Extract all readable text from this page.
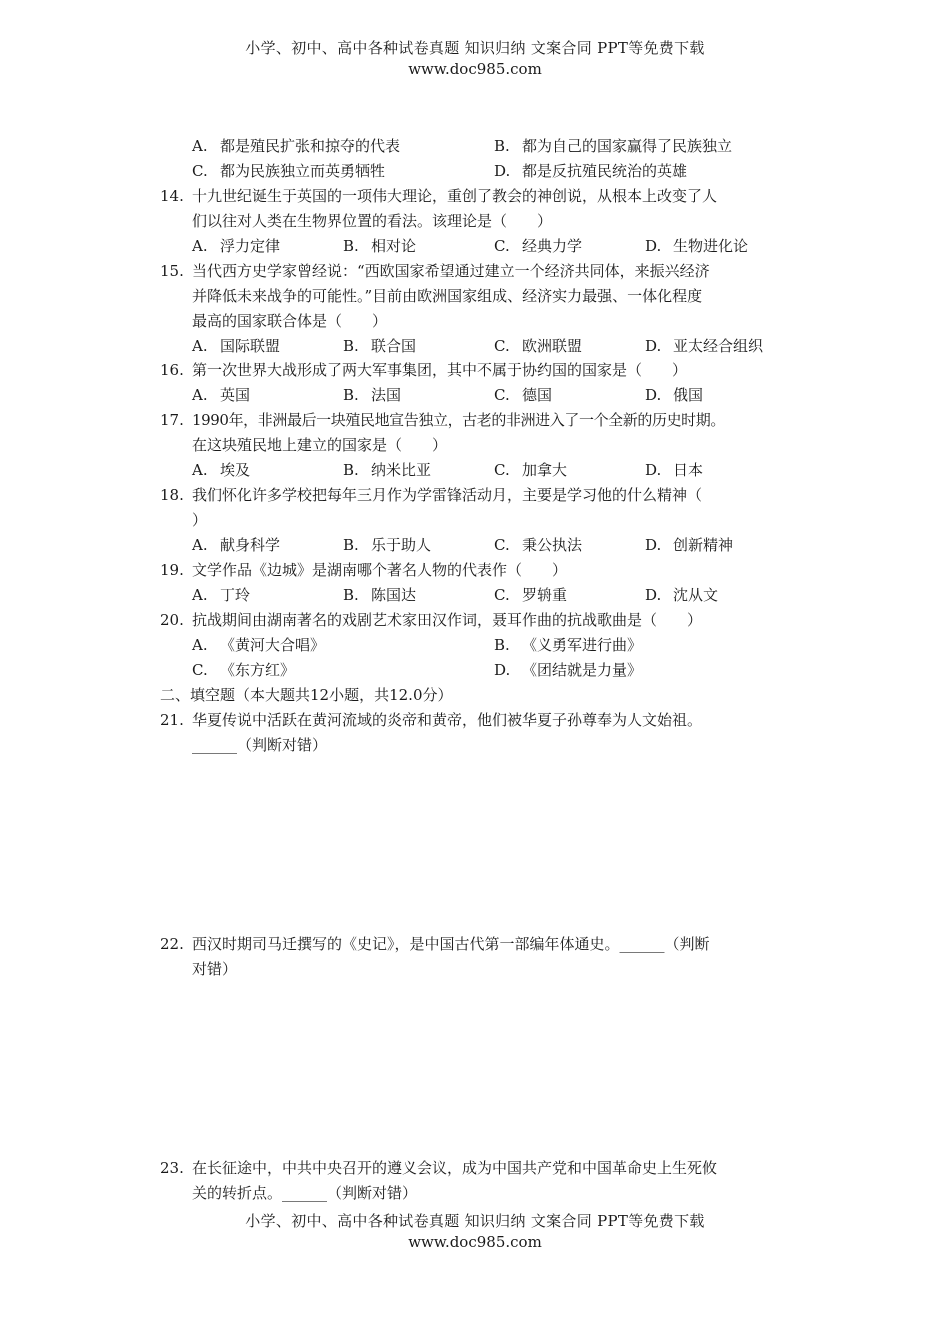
小学、初中、高中各种试卷真题 知识归纳 文案合同 PPT等免费下载
www.doc985.com
A. 都是殖民扩张和掠夺的代表	B. 都为自己的国家赢得了民族独立
C. 都为民族独立而英勇牺牲	D. 都是反抗殖民统治的英雄
14. 十九世纪诞生于英国的一项伟大理论，重创了教会的神创说，从根本上改变了人
们以往对人类在生物界位置的看法。该理论是（　　）
A. 浮力定律	B. 相对论	C. 经典力学	D. 生物进化论
15. 当代西方史学家曾经说：“西欧国家希望通过建立一个经济共同体，来振兴经济
并降低未来战争的可能性。”目前由欧洲国家组成、经济实力最强、一体化程度
最高的国家联合体是（　　）
A. 国际联盟	B. 联合国	C. 欧洲联盟	D. 亚太经合组织
16. 第一次世界大战形成了两大军事集团，其中不属于协约国的国家是（　　）
A. 英国	B. 法国	C. 德国	D. 俄国
17. 1990年，非洲最后一块殖民地宣告独立，古老的非洲进入了一个全新的历史时期。
在这块殖民地上建立的国家是（　　）
A. 埃及	B. 纳米比亚	C. 加拿大	D. 日本
18. 我们怀化许多学校把每年三月作为学雷锋活动月，主要是学习他的什么精神（
）
A. 献身科学	B. 乐于助人	C. 秉公执法	D. 创新精神
19. 文学作品《边城》是湖南哪个著名人物的代表作（　　）
A. 丁玲	B. 陈国达	C. 罗辀重	D. 沈从文
20. 抗战期间由湖南著名的戏剧艺术家田汉作词，聂耳作曲的抗战歌曲是（　　）
A. 《黄河大合唱》	B. 《义勇军进行曲》
C. 《东方红》	D. 《团结就是力量》
二、填空题（本大题共12小题，共12.0分）
21. 华夏传说中活跃在黄河流域的炎帝和黄帝，他们被华夏子孙尊奉为人文始祖。
______（判断对错）
22. 西汉时期司马迁撰写的《史记》，是中国古代第一部编年体通史。______（判断
对错）
23. 在长征途中，中共中央召开的遵义会议，成为中国共产党和中国革命史上生死攸
关的转折点。______（判断对错）
小学、初中、高中各种试卷真题 知识归纳 文案合同 PPT等免费下载
www.doc985.com
